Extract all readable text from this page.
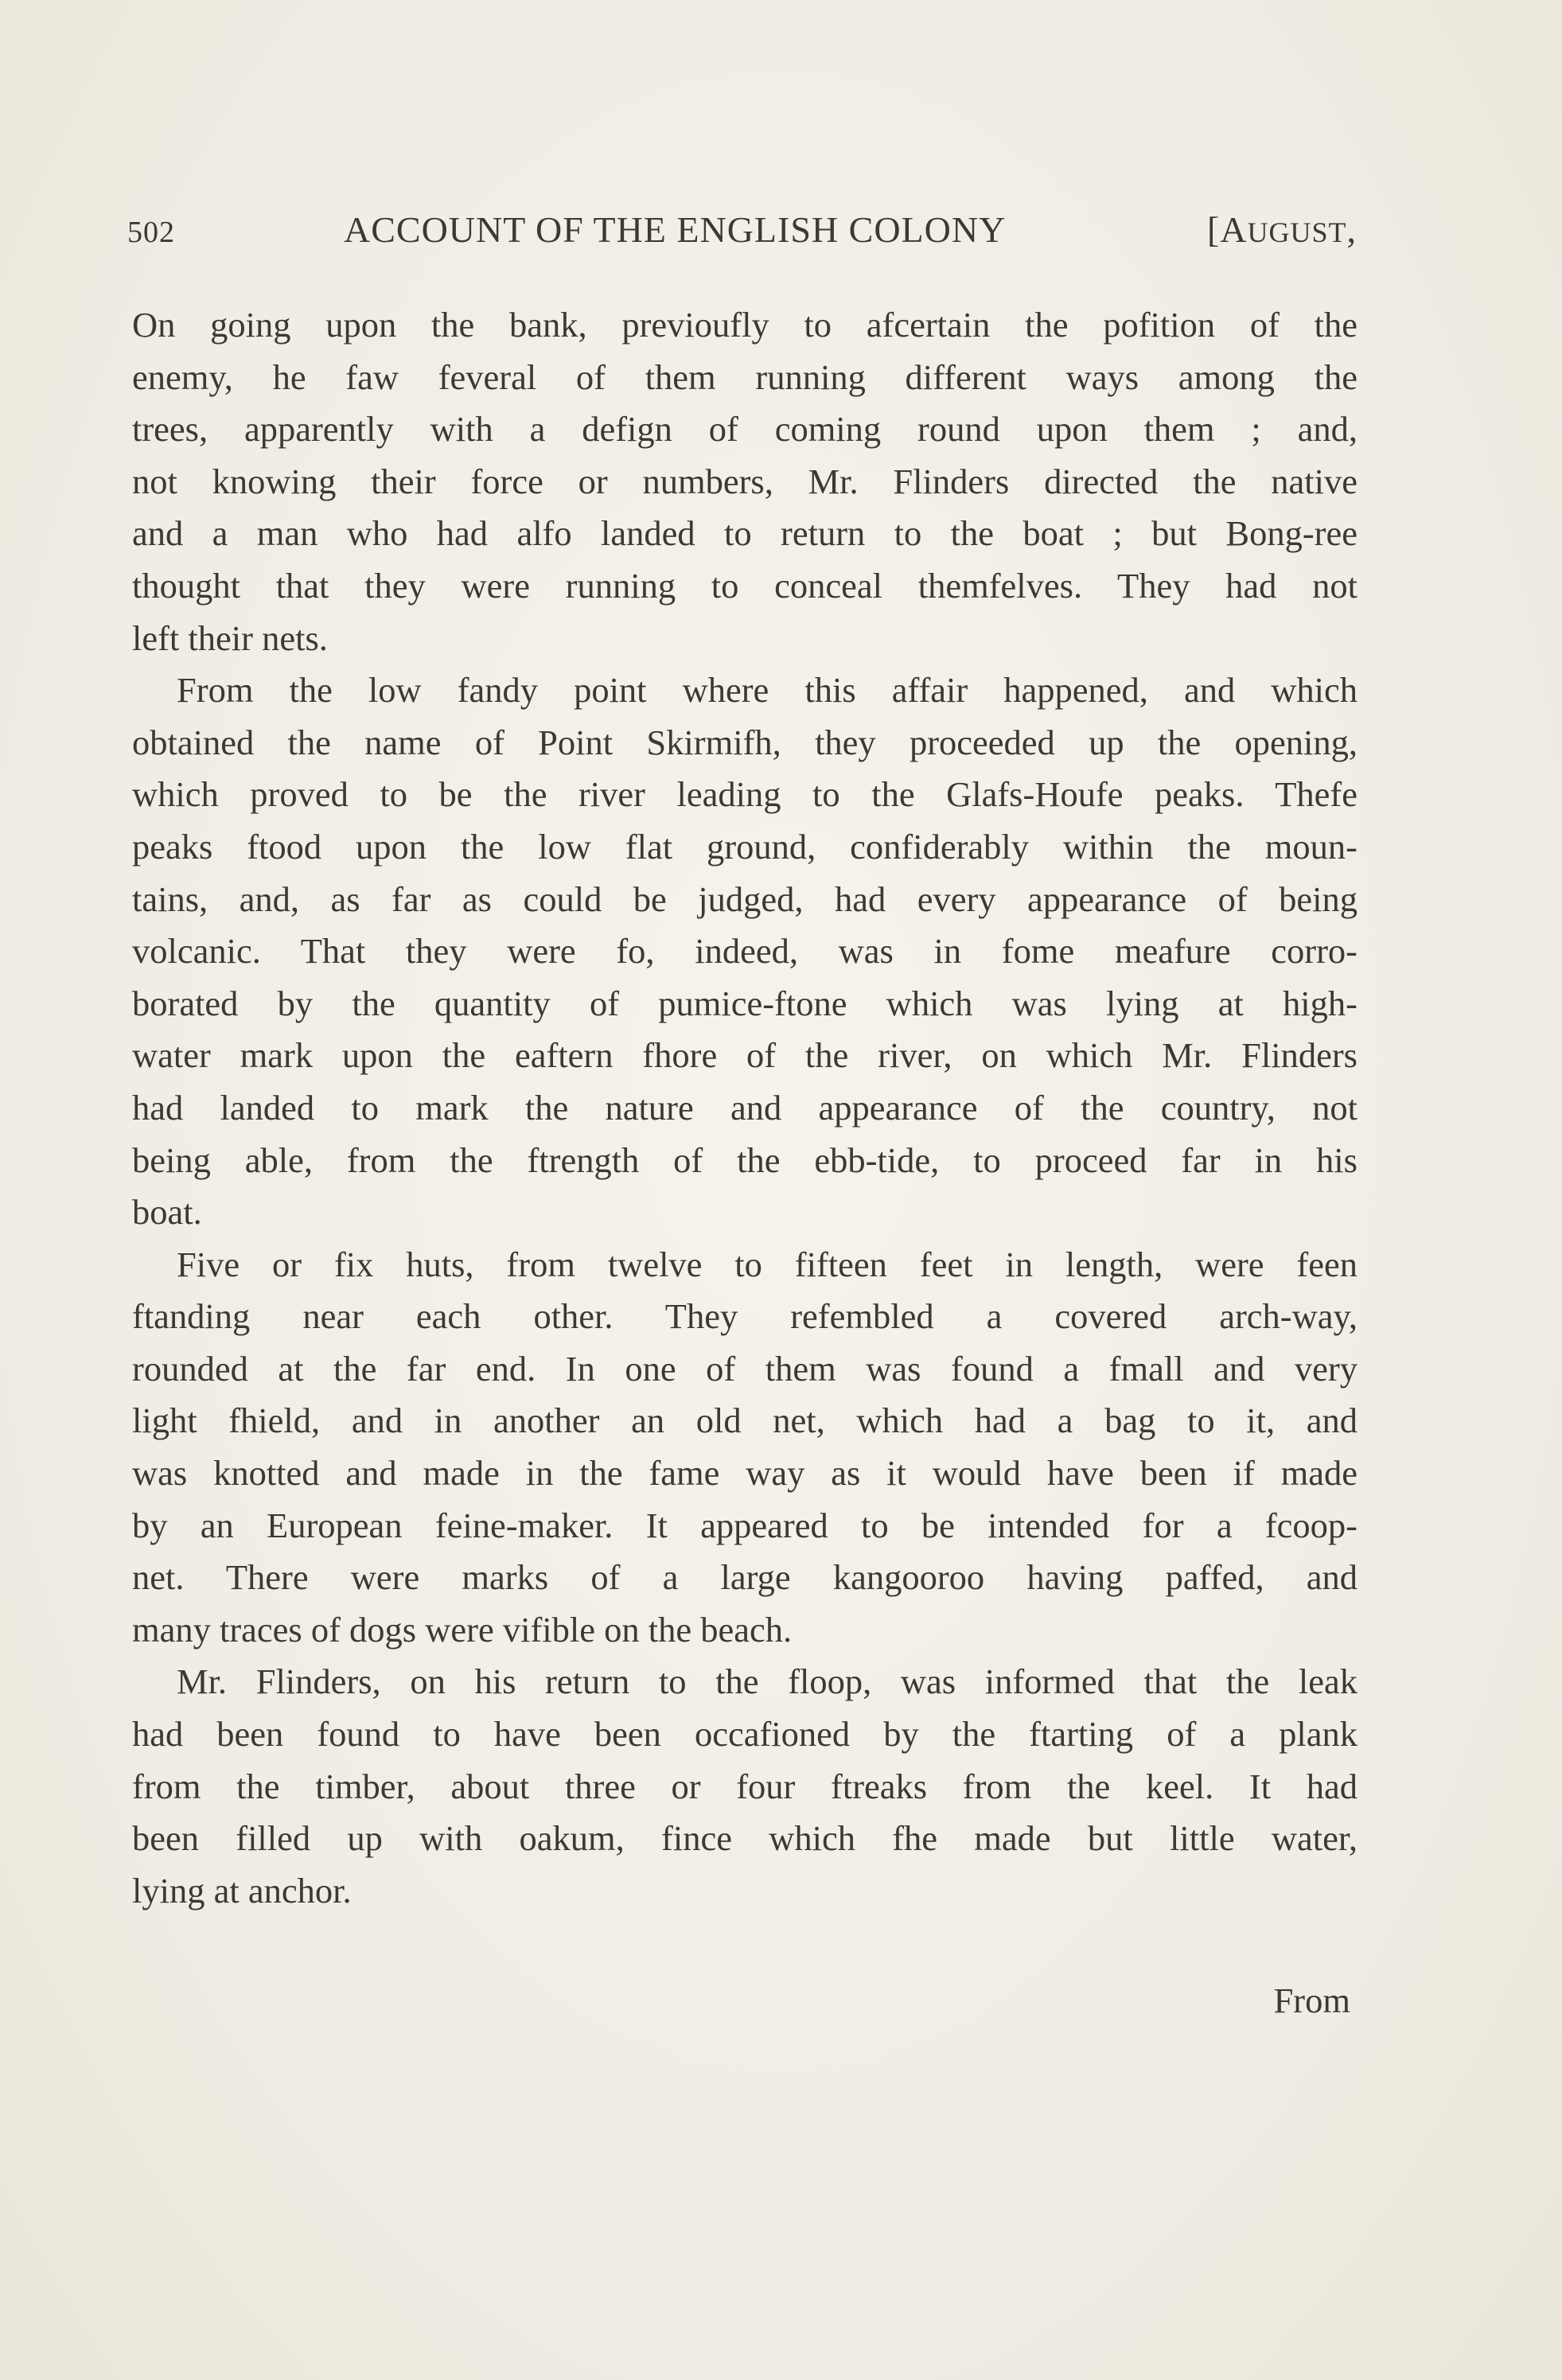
502	ACCOUNT OF THE ENGLISH COLONY	[AUGUST,
On going upon the bank, previoufly to afcertain the pofition of the
enemy, he faw feveral of them running different ways among the
trees, apparently with a defign of coming round upon them ; and,
not knowing their force or numbers, Mr. Flinders directed the native
and a man who had alfo landed to return to the boat ; but Bong-ree
thought that they were running to conceal themfelves. They had not
left their nets.
From the low fandy point where this affair happened, and which
obtained the name of Point Skirmifh, they proceeded up the opening,
which proved to be the river leading to the Glafs-Houfe peaks. Thefe
peaks ftood upon the low flat ground, confiderably within the moun-
tains, and, as far as could be judged, had every appearance of being
volcanic. That they were fo, indeed, was in fome meafure corro-
borated by the quantity of pumice-ftone which was lying at high-
water mark upon the eaftern fhore of the river, on which Mr. Flinders
had landed to mark the nature and appearance of the country, not
being able, from the ftrength of the ebb-tide, to proceed far in his
boat.
Five or fix huts, from twelve to fifteen feet in length, were feen
ftanding near each other. They refembled a covered arch-way,
rounded at the far end. In one of them was found a fmall and very
light fhield, and in another an old net, which had a bag to it, and
was knotted and made in the fame way as it would have been if made
by an European feine-maker. It appeared to be intended for a fcoop-
net. There were marks of a large kangooroo having paffed, and
many traces of dogs were vifible on the beach.
Mr. Flinders, on his return to the floop, was informed that the leak
had been found to have been occafioned by the ftarting of a plank
from the timber, about three or four ftreaks from the keel. It had
been filled up with oakum, fince which fhe made but little water,
lying at anchor.
From
